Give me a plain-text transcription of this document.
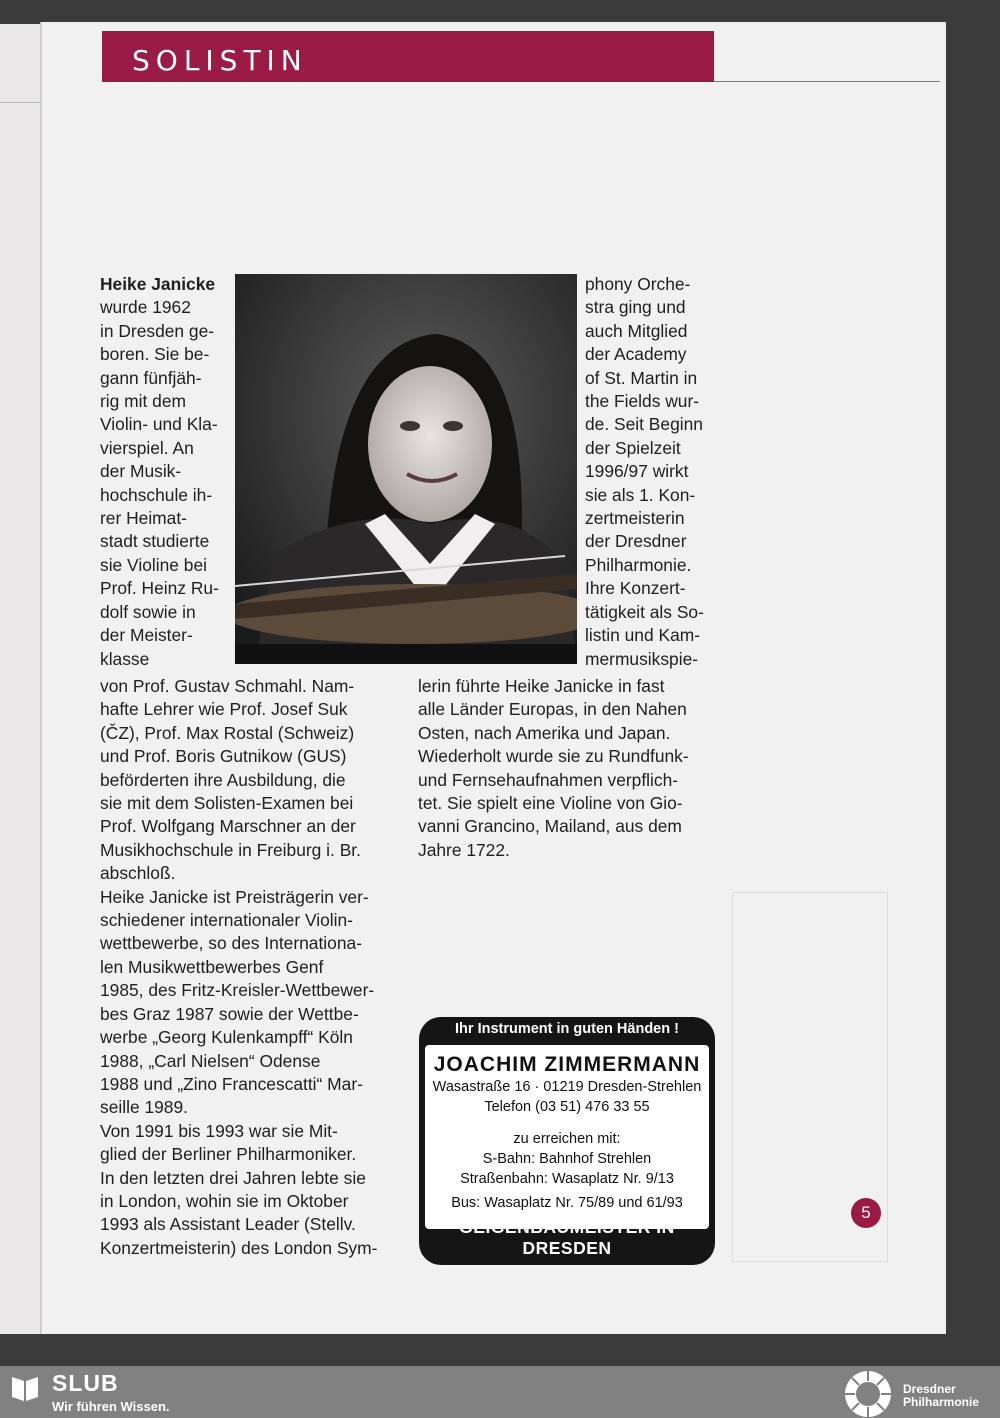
SOLISTIN

Heike Janicke

wurde 1962
in Dresden ge-
boren. Sie be-
gann fünfjäh-
rig mit dem
Violin- und Kla-
vierspiel. An
der Musik-
hochschule ih-
rer Heimat-
stadt studierte
sie Violine bei
Prof. Heinz Ru-
dolf sowie in
der Meister-
klasse
phony Orche-
stra ging und
auch Mitglied
der Academy
of St. Martin in
the Fields wur-
de. Seit Beginn
der Spielzeit
1996/97 wirkt
sie als 1. Kon-
zertmeisterin
der Dresdner
Philharmonie.
Ihre Konzert-
tätigkeit als So-
listin und Kam-
mermusikspie-
von Prof. Gustav Schmahl. Nam-
hafte Lehrer wie Prof. Josef Suk
(ČZ), Prof. Max Rostal (Schweiz)
und Prof. Boris Gutnikow (GUS)
beförderten ihre Ausbildung, die
sie mit dem Solisten-Examen bei
Prof. Wolfgang Marschner an der
Musikhochschule in Freiburg i. Br.
abschloß.
Heike Janicke ist Preisträgerin ver-
schiedener internationaler Violin-
wettbewerbe, so des Internationa-
len Musikwettbewerbes Genf
1985, des Fritz-Kreisler-Wettbewer-
bes Graz 1987 sowie der Wettbe-
werbe „Georg Kulenkampff“ Köln
1988, „Carl Nielsen“ Odense
1988 und „Zino Francescatti“ Mar-
seille 1989.
Von 1991 bis 1993 war sie Mit-
glied der Berliner Philharmoniker.
In den letzten drei Jahren lebte sie
in London, wohin sie im Oktober
1993 als Assistant Leader (Stellv.
Konzertmeisterin) des London Sym-
lerin führte Heike Janicke in fast
alle Länder Europas, in den Nahen
Osten, nach Amerika und Japan.
Wiederholt wurde sie zu Rundfunk-
und Fernsehaufnahmen verpflich-
tet. Sie spielt eine Violine von Gio-
vanni Grancino, Mailand, aus dem
Jahre 1722.
Ihr Instrument in guten Händen !
JOACHIM ZIMMERMANN
Wasastraße 16 · 01219 Dresden-Strehlen
Telefon (03 51) 476 33 55
zu erreichen mit:
S-Bahn: Bahnhof Strehlen
Straßenbahn: Wasaplatz Nr. 9/13
Bus: Wasaplatz Nr. 75/89 und 61/93
GEIGENBAUMEISTER IN DRESDEN
5
SLUB
Wir führen Wissen.
Dresdner
Philharmonie
